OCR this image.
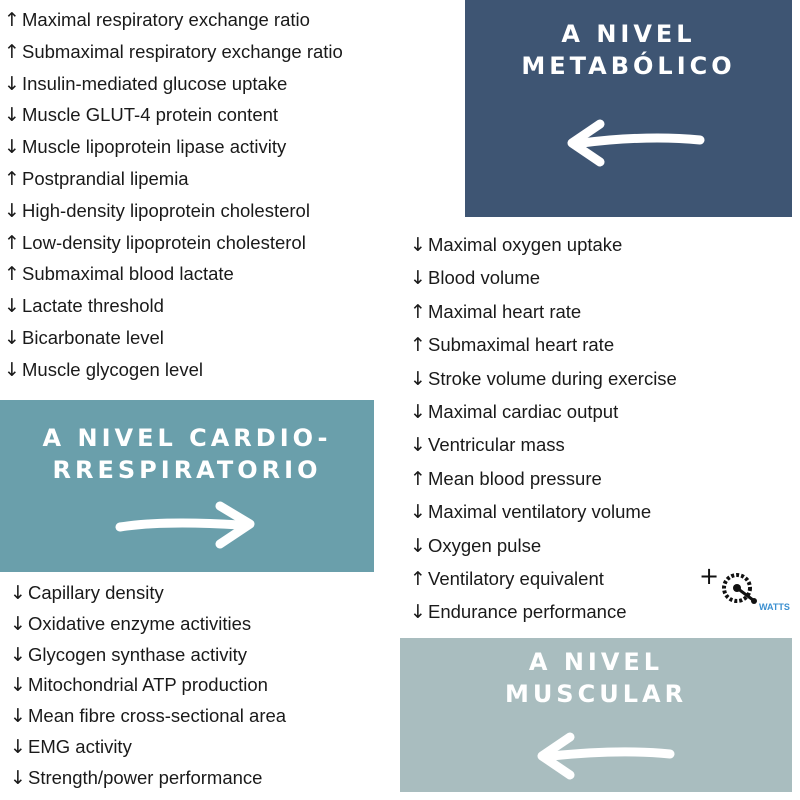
↑ Maximal respiratory exchange ratio
↑ Submaximal respiratory exchange ratio
↓ Insulin-mediated glucose uptake
↓ Muscle GLUT-4 protein content
↓ Muscle lipoprotein lipase activity
↑ Postprandial lipemia
↓ High-density lipoprotein cholesterol
↑ Low-density lipoprotein cholesterol
↑ Submaximal blood lactate
↓ Lactate threshold
↓ Bicarbonate level
↓ Muscle glycogen level
A NIVEL
METABÓLICO
A NIVEL CARDIO-
RRESPIRATORIO
↓ Maximal oxygen uptake
↓ Blood volume
↑ Maximal heart rate
↑ Submaximal heart rate
↓ Stroke volume during exercise
↓ Maximal cardiac output
↓ Ventricular mass
↑ Mean blood pressure
↓ Maximal ventilatory volume
↓ Oxygen pulse
↑ Ventilatory equivalent
↓ Endurance performance
+
WATTS
↓ Capillary density
↓ Oxidative enzyme activities
↓ Glycogen synthase activity
↓ Mitochondrial ATP production
↓ Mean fibre cross-sectional area
↓ EMG activity
↓ Strength/power performance
A NIVEL
MUSCULAR
